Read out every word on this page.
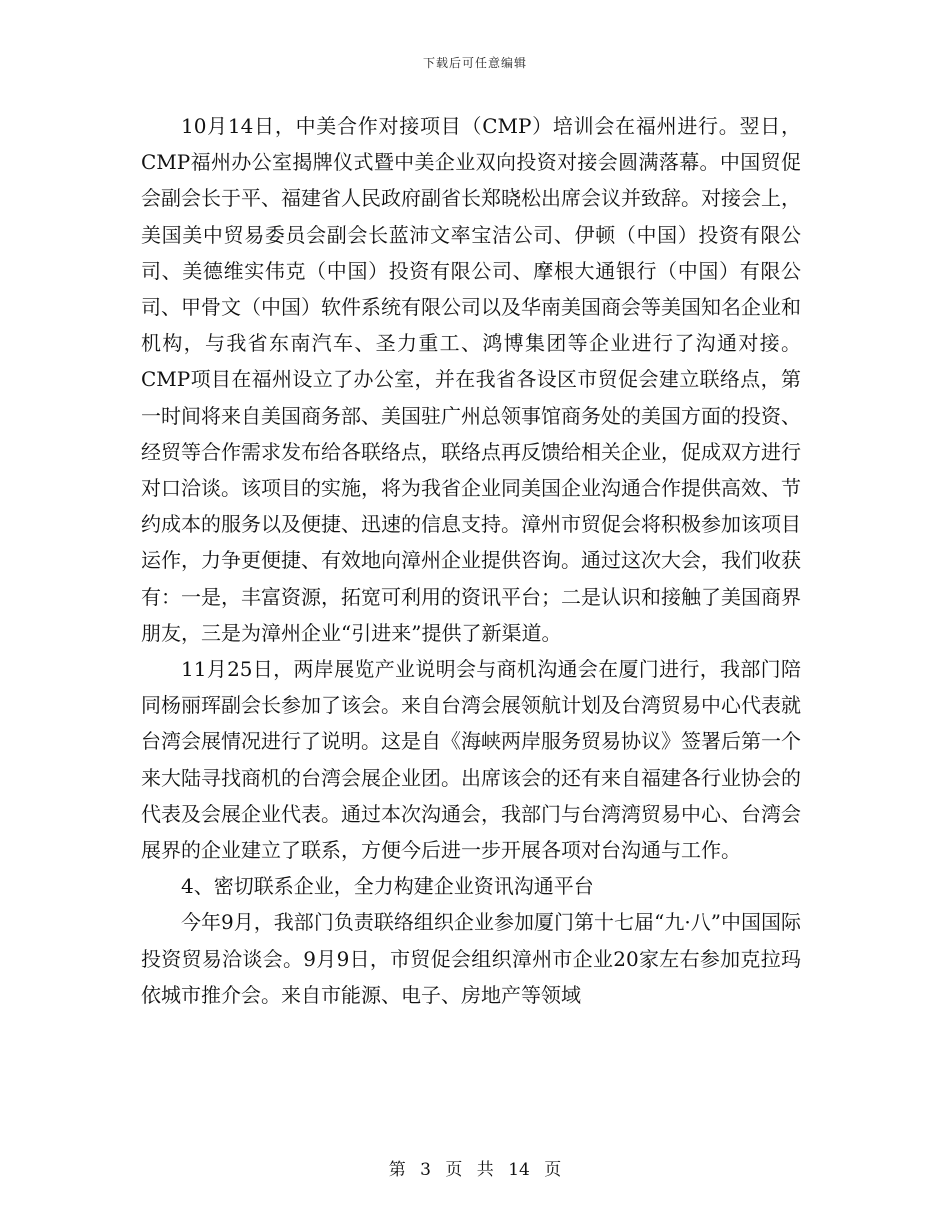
下载后可任意编辑

10月14日，中美合作对接项目（CMP）培训会在福州进行。翌日，CMP福州办公室揭牌仪式暨中美企业双向投资对接会圆满落幕。中国贸促会副会长于平、福建省人民政府副省长郑晓松出席会议并致辞。对接会上，美国美中贸易委员会副会长蓝沛文率宝洁公司、伊顿（中国）投资有限公司、美德维实伟克（中国）投资有限公司、摩根大通银行（中国）有限公司、甲骨文（中国）软件系统有限公司以及华南美国商会等美国知名企业和机构，与我省东南汽车、圣力重工、鸿博集团等企业进行了沟通对接。 CMP项目在福州设立了办公室，并在我省各设区市贸促会建立联络点，第一时间将来自美国商务部、美国驻广州总领事馆商务处的美国方面的投资、经贸等合作需求发布给各联络点，联络点再反馈给相关企业，促成双方进行对口洽谈。该项目的实施，将为我省企业同美国企业沟通合作提供高效、节约成本的服务以及便捷、迅速的信息支持。漳州市贸促会将积极参加该项目运作，力争更便捷、有效地向漳州企业提供咨询。通过这次大会，我们收获有：一是，丰富资源，拓宽可利用的资讯平台；二是认识和接触了美国商界朋友，三是为漳州企业“引进来”提供了新渠道。

11月25日，两岸展览产业说明会与商机沟通会在厦门进行，我部门陪同杨丽珲副会长参加了该会。来自台湾会展领航计划及台湾贸易中心代表就台湾会展情况进行了说明。这是自《海峡两岸服务贸易协议》签署后第一个来大陆寻找商机的台湾会展企业团。出席该会的还有来自福建各行业协会的代表及会展企业代表。通过本次沟通会，我部门与台湾湾贸易中心、台湾会展界的企业建立了联系，方便今后进一步开展各项对台沟通与工作。

4、密切联系企业，全力构建企业资讯沟通平台

今年9月，我部门负责联络组织企业参加厦门第十七届“九·八”中国国际投资贸易洽谈会。9月9日，市贸促会组织漳州市企业20家左右参加克拉玛依城市推介会。来自市能源、电子、房地产等领域

第 3 页 共 14 页
